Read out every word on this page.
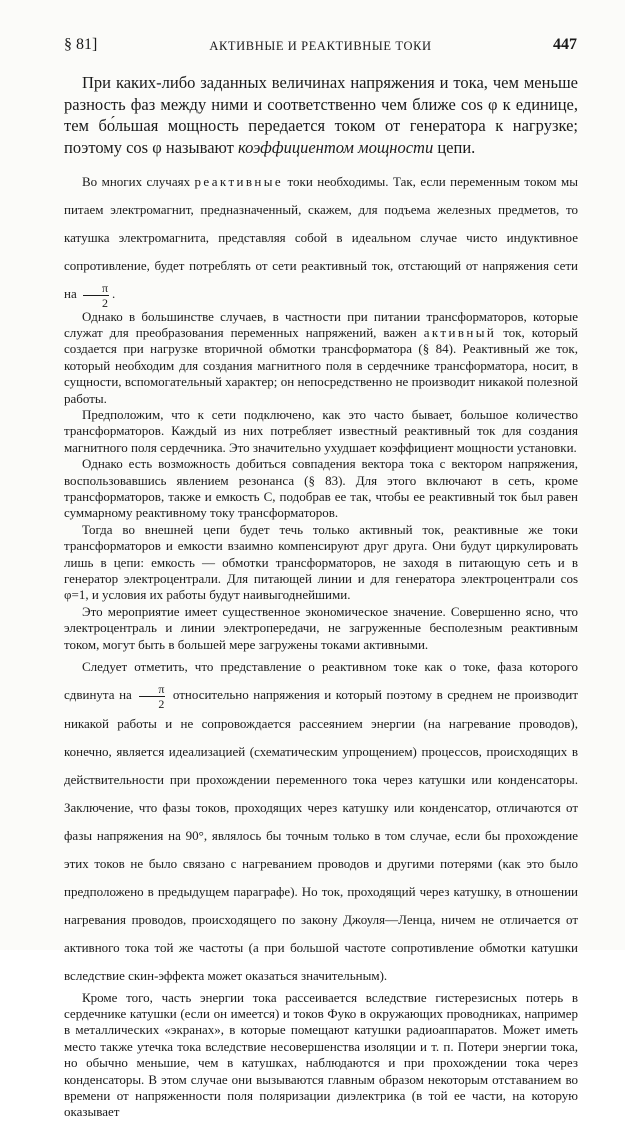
§ 81]	АКТИВНЫЕ И РЕАКТИВНЫЕ ТОКИ	447

При каких-либо заданных величинах напряжения и тока, чем меньше разность фаз между ними и соответственно чем ближе cos φ к единице, тем бо́льшая мощность передается током от генератора к нагрузке; поэтому cos φ называют коэффициентом мощности цепи.

Во многих случаях реактивные токи необходимы. Так, если переменным током мы питаем электромагнит, предназначенный, скажем, для подъема железных предметов, то катушка электромагнита, представляя собой в идеальном случае чисто индуктивное сопротивление, будет потреблять от сети реактивный ток, отстающий от напряжения сети на $\frac{\pi}{2}$ .

Однако в большинстве случаев, в частности при питании трансформаторов, которые служат для преобразования переменных напряжений, важен активный ток, который создается при нагрузке вторичной обмотки трансформатора (§ 84). Реактивный же ток, который необходим для создания магнитного поля в сердечнике трансформатора, носит, в сущности, вспомогательный характер; он непосредственно не производит никакой полезной работы.

Предположим, что к сети подключено, как это часто бывает, большое количество трансформаторов. Каждый из них потребляет известный реактивный ток для создания магнитного поля сердечника. Это значительно ухудшает коэффициент мощности установки.

Однако есть возможность добиться совпадения вектора тока с вектором напряжения, воспользовавшись явлением резонанса (§ 83). Для этого включают в сеть, кроме трансформаторов, также и емкость C, подобрав ее так, чтобы ее реактивный ток был равен суммарному реактивному току трансформаторов.

Тогда во внешней цепи будет течь только активный ток, реактивные же токи трансформаторов и емкости взаимно компенсируют друг друга. Они будут циркулировать лишь в цепи: емкость — обмотки трансформаторов, не заходя в питающую сеть и в генератор электроцентрали. Для питающей линии и для генератора электроцентрали cos φ=1, и условия их работы будут наивыгоднейшими.

Это мероприятие имеет существенное экономическое значение. Совершенно ясно, что электроцентраль и линии электропередачи, не загруженные бесполезным реактивным током, могут быть в большей мере загружены токами активными.

Следует отметить, что представление о реактивном токе как о токе, фаза которого сдвинута на $\frac{\pi}{2}$ относительно напряжения и который поэтому в среднем не производит никакой работы и не сопровождается рассеянием энергии (на нагревание проводов), конечно, является идеализацией (схематическим упрощением) процессов, происходящих в действительности при прохождении переменного тока через катушки или конденсаторы. Заключение, что фазы токов, проходящих через катушку или конденсатор, отличаются от фазы напряжения на 90°, являлось бы точным только в том случае, если бы прохождение этих токов не было связано с нагреванием проводов и другими потерями (как это было предположено в предыдущем параграфе). Но ток, проходящий через катушку, в отношении нагревания проводов, происходящего по закону Джоуля—Ленца, ничем не отличается от активного тока той же частоты (а при большой частоте сопротивление обмотки катушки вследствие скин-эффекта может оказаться значительным).

Кроме того, часть энергии тока рассеивается вследствие гистерезисных потерь в сердечнике катушки (если он имеется) и токов Фуко в окружающих проводниках, например в металлических «экранах», в которые помещают катушки радиоаппаратов. Может иметь место также утечка тока вследствие несовершенства изоляции и т. п. Потери энергии тока, но обычно меньшие, чем в катушках, наблюдаются и при прохождении тока через конденсаторы. В этом случае они вызываются главным образом некоторым отставанием во времени от напряженности поля поляризации диэлектрика (в той ее части, на которую оказывает
